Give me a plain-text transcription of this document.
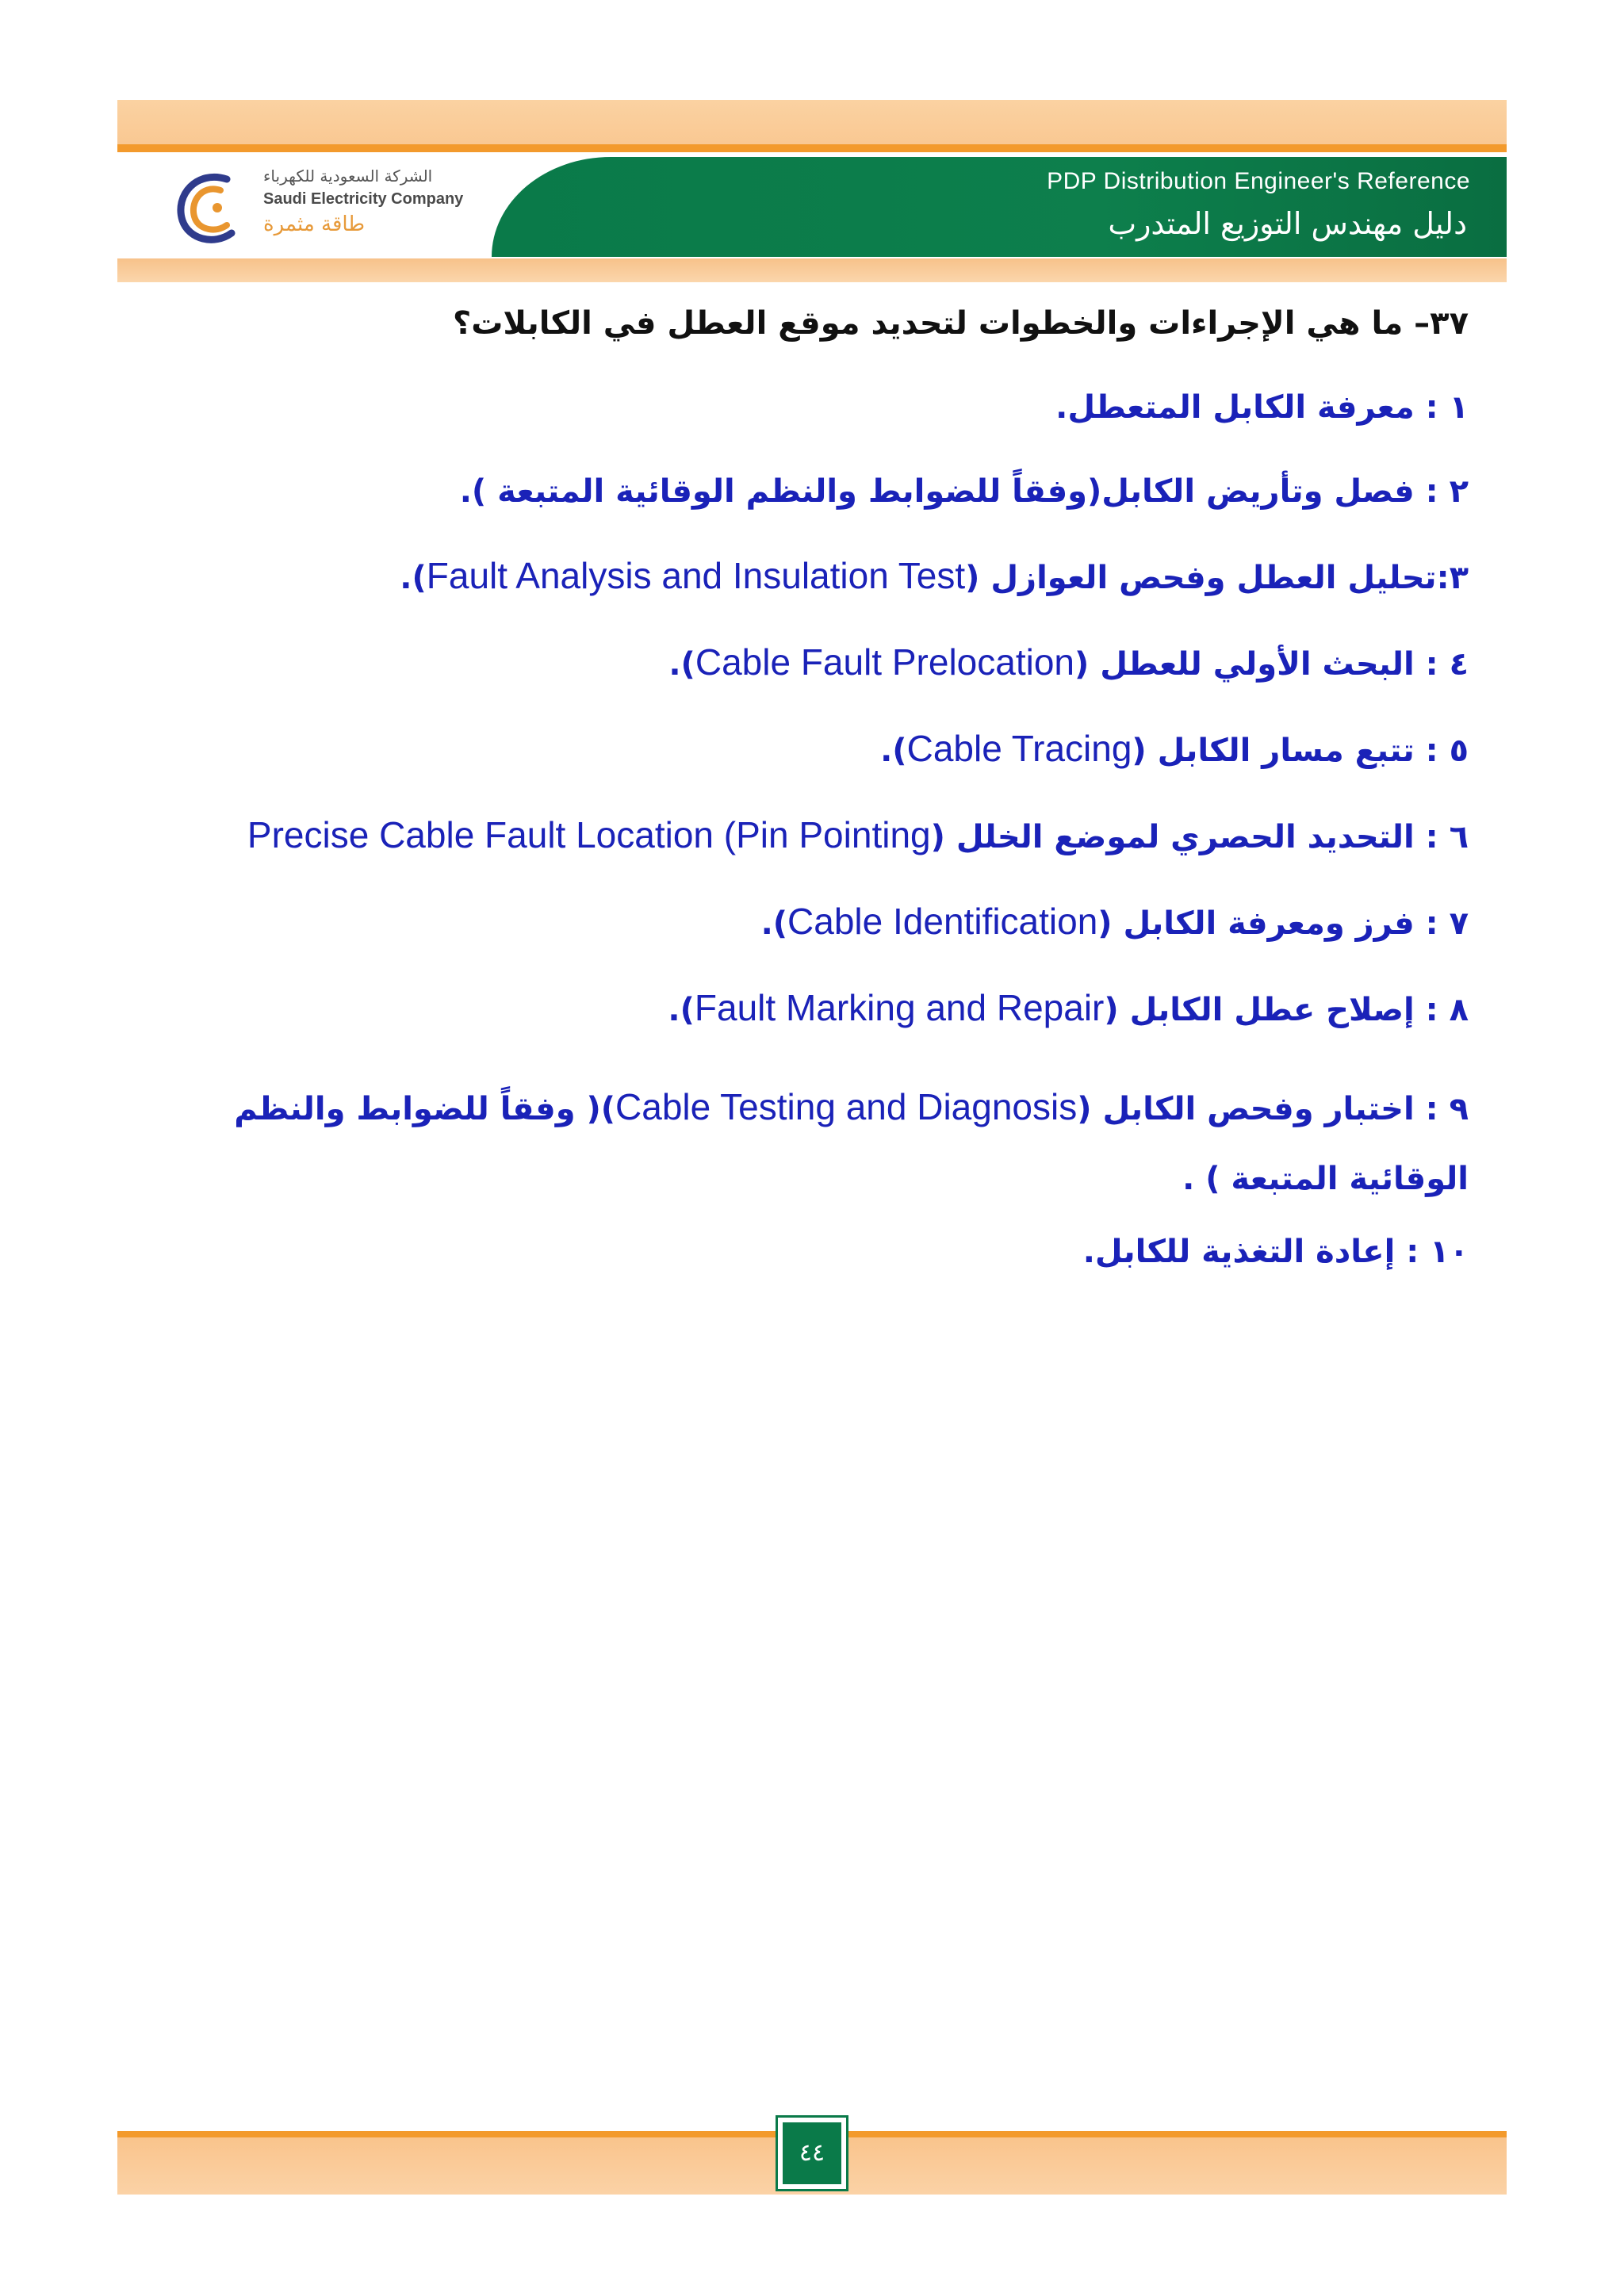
الشركة السعودية للكهرباء
Saudi Electricity Company
طاقة مثمرة
PDP Distribution Engineer's Reference
دليل مهندس التوزيع المتدرب

٣٧– ما هي الإجراءات والخطوات لتحديد موقع العطل في الكابلات؟

١ : معرفة الكابل المتعطل.

٢ : فصل وتأريض الكابل(وفقاً للضوابط والنظم الوقائية المتبعة ).

٣:تحليل العطل وفحص العوازل (Fault Analysis and Insulation Test).

٤ : البحث الأولي للعطل (Cable Fault Prelocation).

٥ : تتبع مسار الكابل (Cable Tracing).

٦ : التحديد الحصري لموضع الخلل (Precise Cable Fault Location (Pin Pointing

٧ : فرز ومعرفة الكابل (Cable Identification).

٨ : إصلاح عطل الكابل (Fault Marking and Repair).

٩ : اختبار وفحص الكابل (Cable Testing and Diagnosis)( وفقاً للضوابط والنظم الوقائية المتبعة ) .

١٠ : إعادة التغذية للكابل.

٤٤
